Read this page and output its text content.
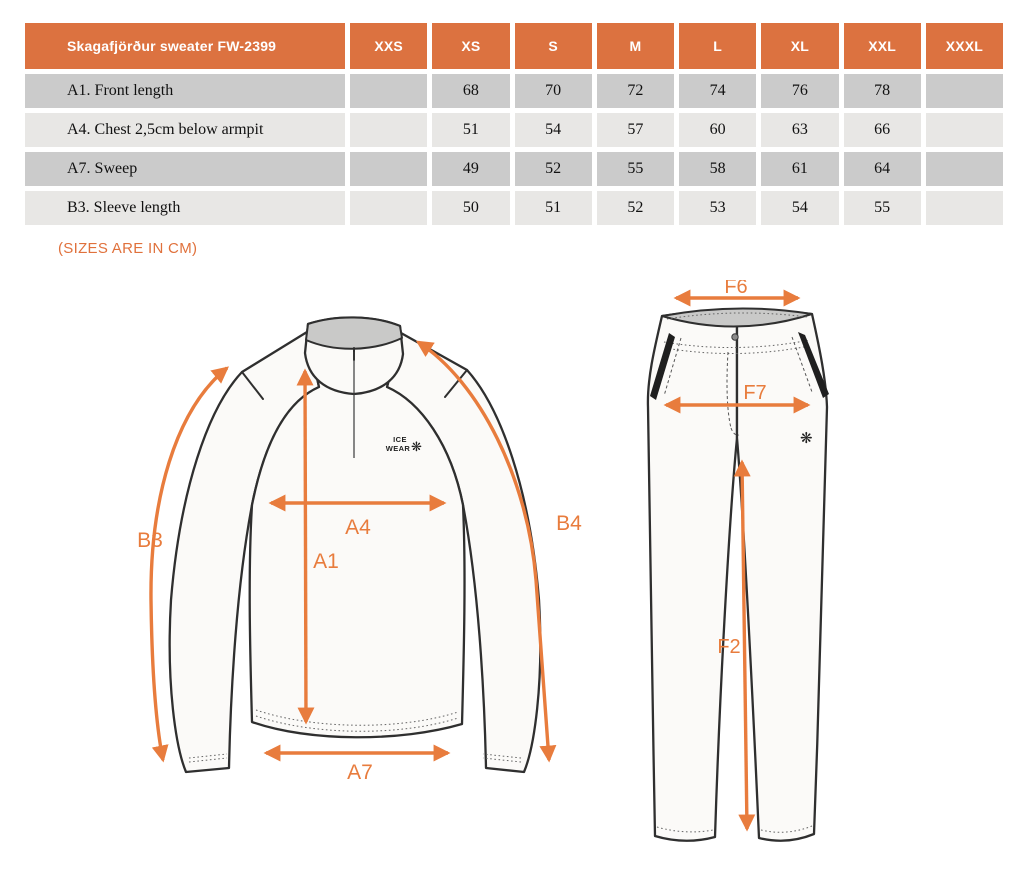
Skagafjörður sweater FW-2399	XXS	XS	S	M	L	XL	XXL	XXXL
A1. Front length		68	70	72	74	76	78	
A4. Chest 2,5cm below armpit		51	54	57	60	63	66	
A7. Sweep		49	52	55	58	61	64	
B3. Sleeve length		50	51	52	53	54	55	
(SIZES ARE IN CM)
ICE
WEAR ❋
B3
B4
A4
A1
A7
❋
F6
F7
F2
